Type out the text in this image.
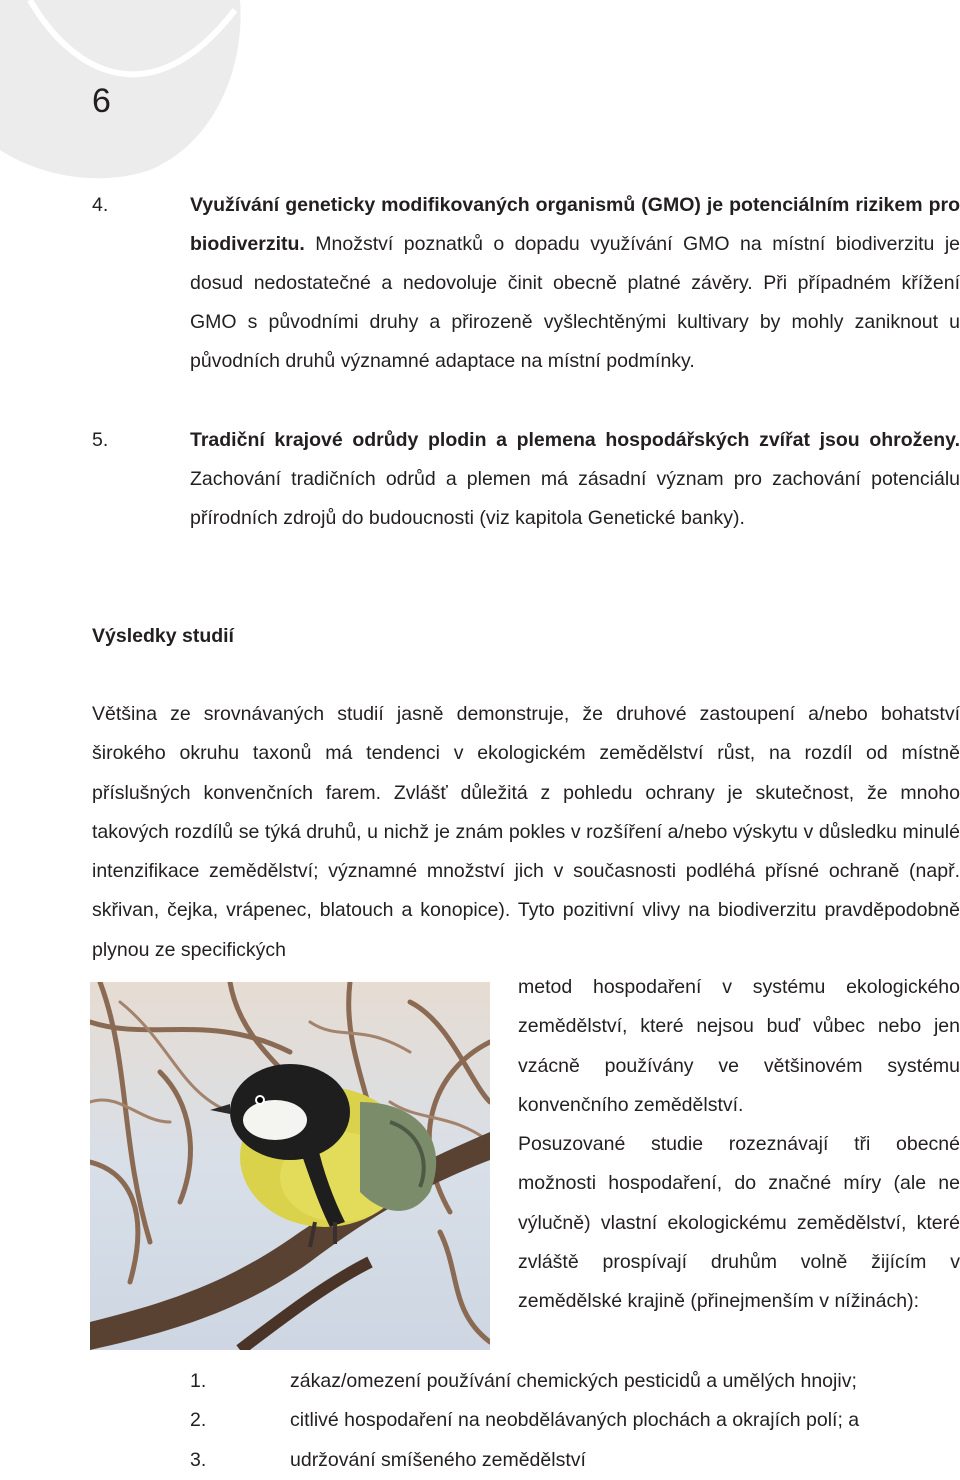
6
4.	Využívání geneticky modifikovaných organismů (GMO) je potenciálním rizikem pro biodiverzitu. Množství poznatků o dopadu využívání GMO na místní biodiverzitu je dosud nedostatečné a nedovoluje činit obecně platné závěry. Při případném křížení GMO s původními druhy a přirozeně vyšlechtěnými kultivary by mohly zaniknout u původních druhů významné adaptace na místní podmínky.
5.	Tradiční krajové odrůdy plodin a plemena hospodářských zvířat jsou ohroženy. Zachování tradičních odrůd a plemen má zásadní význam pro zachování potenciálu přírodních zdrojů do budoucnosti (viz kapitola Genetické banky).
Výsledky studií
Většina ze srovnávaných studií jasně demonstruje, že druhové zastoupení a/nebo bohatství širokého okruhu taxonů má tendenci v ekologickém zemědělství růst, na rozdíl od místně příslušných konvenčních farem. Zvlášť důležitá z pohledu ochrany je skutečnost, že mnoho takových rozdílů se týká druhů, u nichž je znám pokles v rozšíření a/nebo výskytu v důsledku minulé intenzifikace zemědělství; významné množství jich v současnosti podléhá přísné ochraně (např. skřivan, čejka, vrápenec, blatouch a konopice). Tyto pozitivní vlivy na biodiverzitu pravděpodobně plynou ze specifických

metod hospodaření v systému ekologického zemědělství, které nejsou buď vůbec nebo jen vzácně používány ve většinovém systému konvenčního zemědělství.

Posuzované studie rozeznávají tři obecné možnosti hospodaření, do značné míry (ale ne výlučně) vlastní ekologickému zemědělství, které zvláště prospívají druhům volně žijícím v zemědělské krajině (přinejmenším v nížinách):

1.	zákaz/omezení používání chemických pesticidů a umělých hnojiv;
2.	citlivé hospodaření na neobdělávaných plochách a okrajích polí; a
3.	udržování smíšeného zemědělství
